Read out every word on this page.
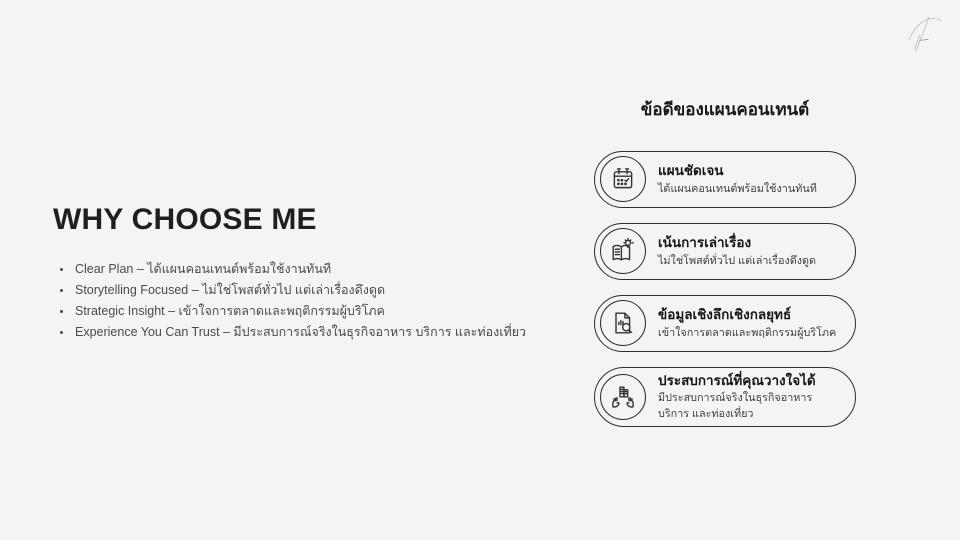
WHY CHOOSE ME
• Clear Plan – ได้แผนคอนเทนต์พร้อมใช้งานทันที
• Storytelling Focused – ไม่ใช่โพสต์ทั่วไป แต่เล่าเรื่องดึงดูด
• Strategic Insight – เข้าใจการตลาดและพฤติกรรมผู้บริโภค
• Experience You Can Trust – มีประสบการณ์จริงในธุรกิจอาหาร บริการ และท่องเที่ยว
ข้อดีของแผนคอนเทนต์
แผนชัดเจน
ได้แผนคอนเทนต์พร้อมใช้งานทันที
เน้นการเล่าเรื่อง
ไม่ใช่โพสต์ทั่วไป แต่เล่าเรื่องดึงดูด
ข้อมูลเชิงลึกเชิงกลยุทธ์
เข้าใจการตลาดและพฤติกรรมผู้บริโภค
ประสบการณ์ที่คุณวางใจได้
มีประสบการณ์จริงในธุรกิจอาหาร บริการ และท่องเที่ยว
